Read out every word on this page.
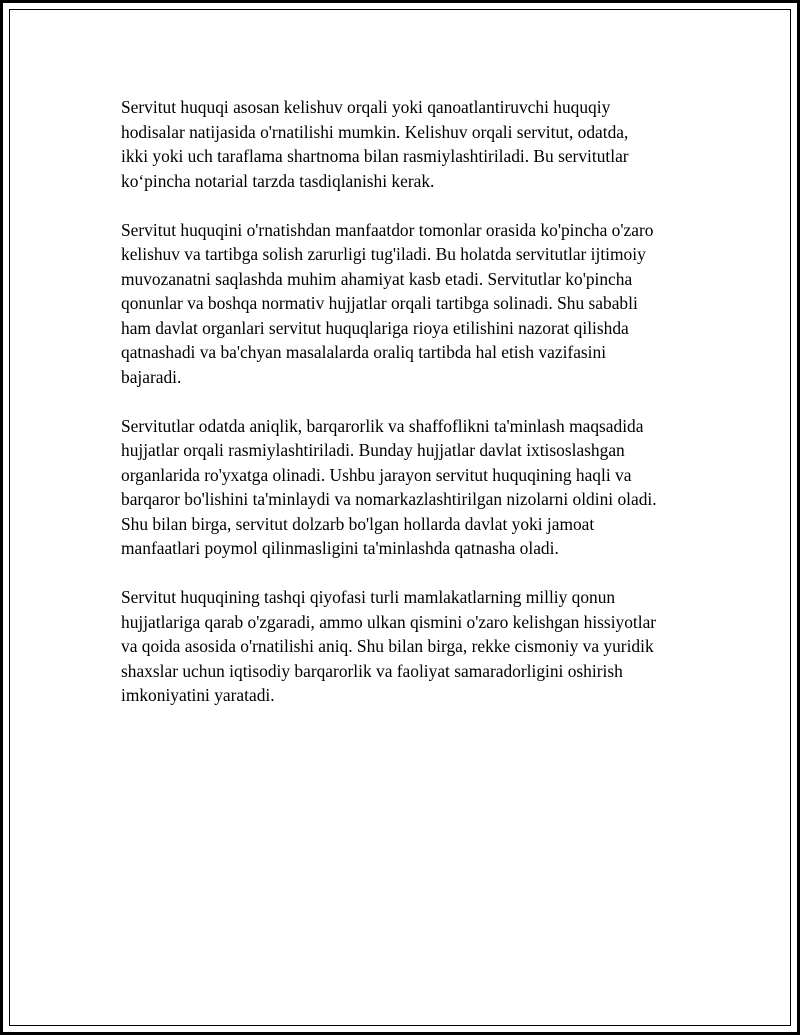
Servitut huquqi asosan kelishuv orqali yoki qanoatlantiruvchi huquqiy
hodisalar natijasida o'rnatilishi mumkin. Kelishuv orqali servitut, odatda,
ikki yoki uch taraflama shartnoma bilan rasmiylashtiriladi. Bu servitutlar
koʻpincha notarial tarzda tasdiqlanishi kerak.

Servitut huquqini o'rnatishdan manfaatdor tomonlar orasida ko'pincha o'zaro
kelishuv va tartibga solish zarurligi tug'iladi. Bu holatda servitutlar ijtimoiy
muvozanatni saqlashda muhim ahamiyat kasb etadi. Servitutlar ko'pincha
qonunlar va boshqa normativ hujjatlar orqali tartibga solinadi. Shu sababli
ham davlat organlari servitut huquqlariga rioya etilishini nazorat qilishda
qatnashadi va ba'chyan masalalarda oraliq tartibda hal etish vazifasini
bajaradi.

Servitutlar odatda aniqlik, barqarorlik va shaffoflikni ta'minlash maqsadida
hujjatlar orqali rasmiylashtiriladi. Bunday hujjatlar davlat ixtisoslashgan
organlarida ro'yxatga olinadi. Ushbu jarayon servitut huquqining haqli va
barqaror bo'lishini ta'minlaydi va nomarkazlashtirilgan nizolarni oldini oladi.
Shu bilan birga, servitut dolzarb bo'lgan hollarda davlat yoki jamoat
manfaatlari poymol qilinmasligini ta'minlashda qatnasha oladi.

Servitut huquqining tashqi qiyofasi turli mamlakatlarning milliy qonun
hujjatlariga qarab o'zgaradi, ammo ulkan qismini o'zaro kelishgan hissiyotlar
va qoida asosida o'rnatilishi aniq. Shu bilan birga, rekke cismoniy va yuridik
shaxslar uchun iqtisodiy barqarorlik va faoliyat samaradorligini oshirish
imkoniyatini yaratadi.
